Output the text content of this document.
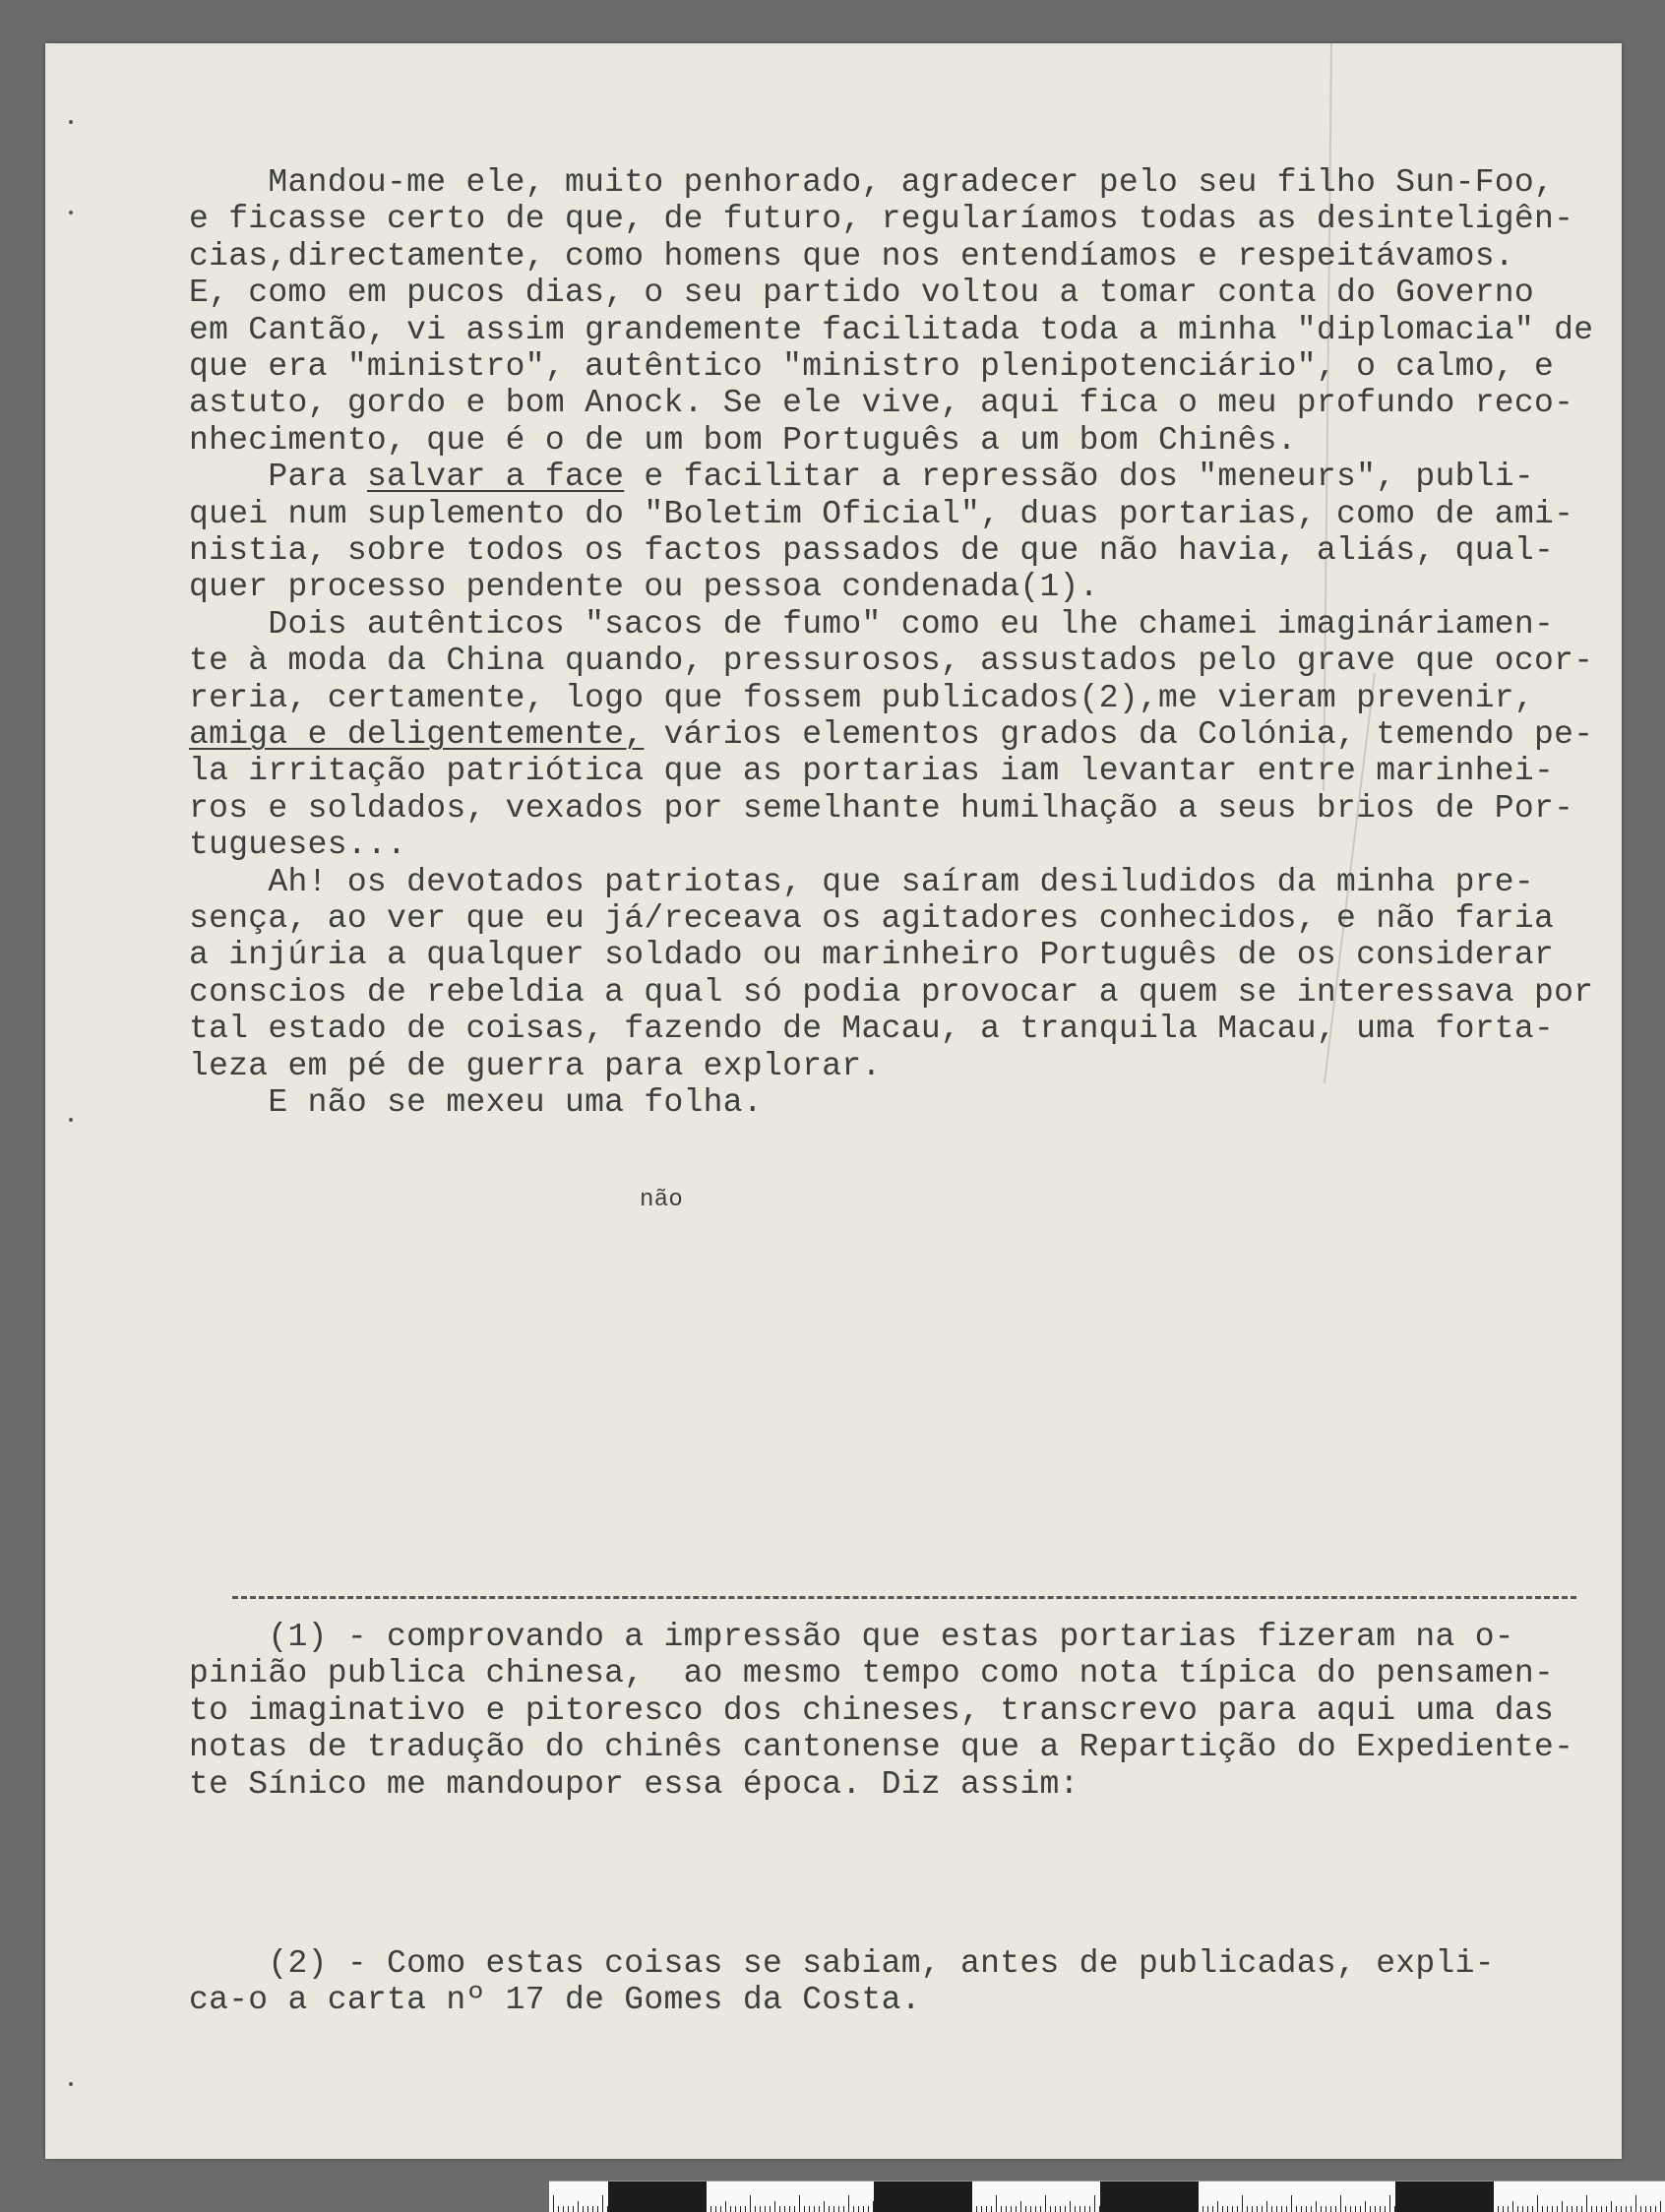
Mandou-me ele, muito penhorado, agradecer pelo seu filho Sun-Foo,
e ficasse certo de que, de futuro, regularíamos todas as desinteligên-
cias,directamente, como homens que nos entendíamos e respeitávamos.
E, como em pucos dias, o seu partido voltou a tomar conta do Governo
em Cantão, vi assim grandemente facilitada toda a minha "diplomacia" de
que era "ministro", autêntico "ministro plenipotenciário", o calmo, e
astuto, gordo e bom Anock. Se ele vive, aqui fica o meu profundo reco-
nhecimento, que é o de um bom Português a um bom Chinês.
Para salvar a face e facilitar a repressão dos "meneurs", publi-
quei num suplemento do "Boletim Oficial", duas portarias, como de ami-
nistia, sobre todos os factos passados de que não havia, aliás, qual-
quer processo pendente ou pessoa condenada(1).
Dois autênticos "sacos de fumo" como eu lhe chamei imagináriamen-
te à moda da China quando, pressurosos, assustados pelo grave que ocor-
reria, certamente, logo que fossem publicados(2),me vieram prevenir,
amiga e deligentemente, vários elementos grados da Colónia, temendo pe-
la irritação patriótica que as portarias iam levantar entre marinhei-
ros e soldados, vexados por semelhante humilhação a seus brios de Por-
tugueses...
Ah! os devotados patriotas, que saíram desiludidos da minha pre-
sença, ao ver que eu já/receava os agitadores conhecidos, e não faria
a injúria a qualquer soldado ou marinheiro Português de os considerar
conscios de rebeldia a qual só podia provocar a quem se interessava por
tal estado de coisas, fazendo de Macau, a tranquila Macau, uma forta-
leza em pé de guerra para explorar.
E não se mexeu uma folha.
não
(1) - comprovando a impressão que estas portarias fizeram na o-
pinião publica chinesa,  ao mesmo tempo como nota típica do pensamen-
to imaginativo e pitoresco dos chineses, transcrevo para aqui uma das
notas de tradução do chinês cantonense que a Repartição do Expediente-
te Sínico me mandoupor essa época. Diz assim:
(2) - Como estas coisas se sabiam, antes de publicadas, expli-
ca-o a carta nº 17 de Gomes da Costa.
